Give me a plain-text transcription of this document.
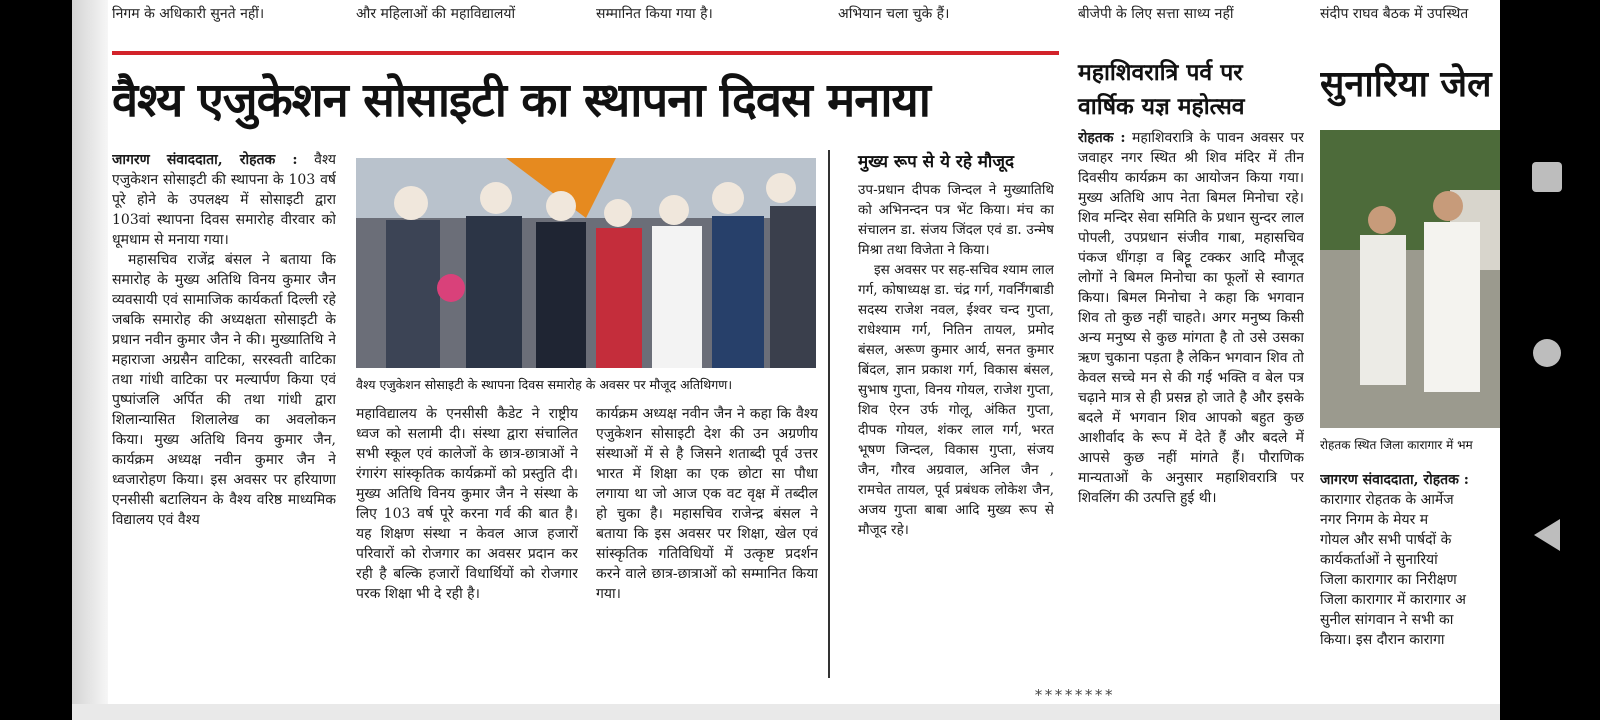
निगम के अधिकारी सुनते नहीं।	और महिलाओं की महाविद्यालयों	सम्मानित किया गया है।	अभियान चला चुके हैं।	बीजेपी के लिए सत्ता साध्य नहीं	संदीप राघव बैठक में उपस्थित

वैश्य एजुकेशन सोसाइटी का स्थापना दिवस मनाया

जागरण संवाददाता, रोहतक : वैश्य एजुकेशन सोसाइटी की स्थापना के 103 वर्ष पूरे होने के उपलक्ष्य में सोसाइटी द्वारा 103वां स्थापना दिवस समारोह वीरवार को धूमधाम से मनाया गया।

महासचिव राजेंद्र बंसल ने बताया कि समारोह के मुख्य अतिथि विनय कुमार जैन व्यवसायी एवं सामाजिक कार्यकर्ता दिल्ली रहे जबकि समारोह की अध्यक्षता सोसाइटी के प्रधान नवीन कुमार जैन ने की। मुख्यातिथि ने महाराजा अग्रसैन वाटिका, सरस्वती वाटिका तथा गांधी वाटिका पर मल्यार्पण किया एवं पुष्पांजलि अर्पित की तथा गांधी द्वारा शिलान्यासित शिलालेख का अवलोकन किया। मुख्य अतिथि विनय कुमार जैन, कार्यक्रम अध्यक्ष नवीन कुमार जैन ने ध्वजारोहण किया। इस अवसर पर हरियाणा एनसीसी बटालियन के वैश्य वरिष्ठ माध्यमिक विद्यालय एवं वैश्य

वैश्य एजुकेशन सोसाइटी के स्थापना दिवस समारोह के अवसर पर मौजूद अतिथिगण।

महाविद्यालय के एनसीसी कैडेट ने राष्ट्रीय ध्वज को सलामी दी। संस्था द्वारा संचालित सभी स्कूल एवं कालेजों के छात्र-छात्राओं ने रंगारंग सांस्कृतिक कार्यक्रमों को प्रस्तुति दी। मुख्य अतिथि विनय कुमार जैन ने संस्था के लिए 103 वर्ष पूरे करना गर्व की बात है। यह शिक्षण संस्था न केवल आज हजारों परिवारों को रोजगार का अवसर प्रदान कर रही है बल्कि हजारों विधार्थियों को रोजगार परक शिक्षा भी दे रही है।

कार्यक्रम अध्यक्ष नवीन जैन ने कहा कि वैश्य एजुकेशन सोसाइटी देश की उन अग्रणीय संस्थाओं में से है जिसने शताब्दी पूर्व उत्तर भारत में शिक्षा का एक छोटा सा पौधा लगाया था जो आज एक वट वृक्ष में तब्दील हो चुका है। महासचिव राजेन्द्र बंसल ने बताया कि इस अवसर पर शिक्षा, खेल एवं सांस्कृतिक गतिविधियों में उत्कृष्ट प्रदर्शन करने वाले छात्र-छात्राओं को सम्मानित किया गया।

मुख्य रूप से ये रहे मौजूद

उप-प्रधान दीपक जिन्दल ने मुख्यातिथि को अभिनन्दन पत्र भेंट किया। मंच का संचालन डा. संजय जिंदल एवं डा. उन्मेष मिश्रा तथा विजेता ने किया।

इस अवसर पर सह-सचिव श्याम लाल गर्ग, कोषाध्यक्ष डा. चंद्र गर्ग, गवर्निंगबाडी सदस्य राजेश नवल, ईश्वर चन्द गुप्ता, राधेश्याम गर्ग, नितिन तायल, प्रमोद बंसल, अरूण कुमार आर्य, सनत कुमार बिंदल, ज्ञान प्रकाश गर्ग, विकास बंसल, सुभाष गुप्ता, विनय गोयल, राजेश गुप्ता, शिव ऐरन उर्फ गोलू, अंकित गुप्ता, दीपक गोयल, शंकर लाल गर्ग, भरत भूषण जिन्दल, विकास गुप्ता, संजय जैन, गौरव अग्रवाल, अनिल जैन , रामचेत तायल, पूर्व प्रबंधक लोकेश जैन, अजय गुप्ता बाबा आदि मुख्य रूप से मौजूद रहे।

********

महाशिवरात्रि पर्व पर वार्षिक यज्ञ महोत्सव

रोहतक : महाशिवरात्रि के पावन अवसर पर जवाहर नगर स्थित श्री शिव मंदिर में तीन दिवसीय कार्यक्रम का आयोजन किया गया। मुख्य अतिथि आप नेता बिमल मिनोचा रहे। शिव मन्दिर सेवा समिति के प्रधान सुन्दर लाल पोपली, उपप्रधान संजीव गाबा, महासचिव पंकज धींगड़ा व बिट्टू टक्कर आदि मौजूद लोगों ने बिमल मिनोचा का फूलों से स्वागत किया। बिमल मिनोचा ने कहा कि भगवान शिव तो कुछ नहीं चाहते। अगर मनुष्य किसी अन्य मनुष्य से कुछ मांगता है तो उसे उसका ऋण चुकाना पड़ता है लेकिन भगवान शिव तो केवल सच्चे मन से की गई भक्ति व बेल पत्र चढ़ाने मात्र से ही प्रसन्न हो जाते है और इसके बदले में भगवान शिव आपको बहुत कुछ आशीर्वाद के रूप में देते हैं और बदले में आपसे कुछ नहीं मांगते हैं। पौराणिक मान्यताओं के अनुसार महाशिवरात्रि पर शिवलिंग की उत्पत्ति हुई थी।

सुनारिया जेल

रोहतक स्थित जिला कारागार में भम

जागरण संवाददाता, रोहतक :

कारागार रोहतक के आर्मेज

नगर निगम के मेयर म

गोयल और सभी पार्षदों के

कार्यकर्ताओं ने सुनारियां

जिला कारागार का निरीक्षण

जिला कारागार में कारागार अ

सुनील सांगवान ने सभी का

किया। इस दौरान कारागा
